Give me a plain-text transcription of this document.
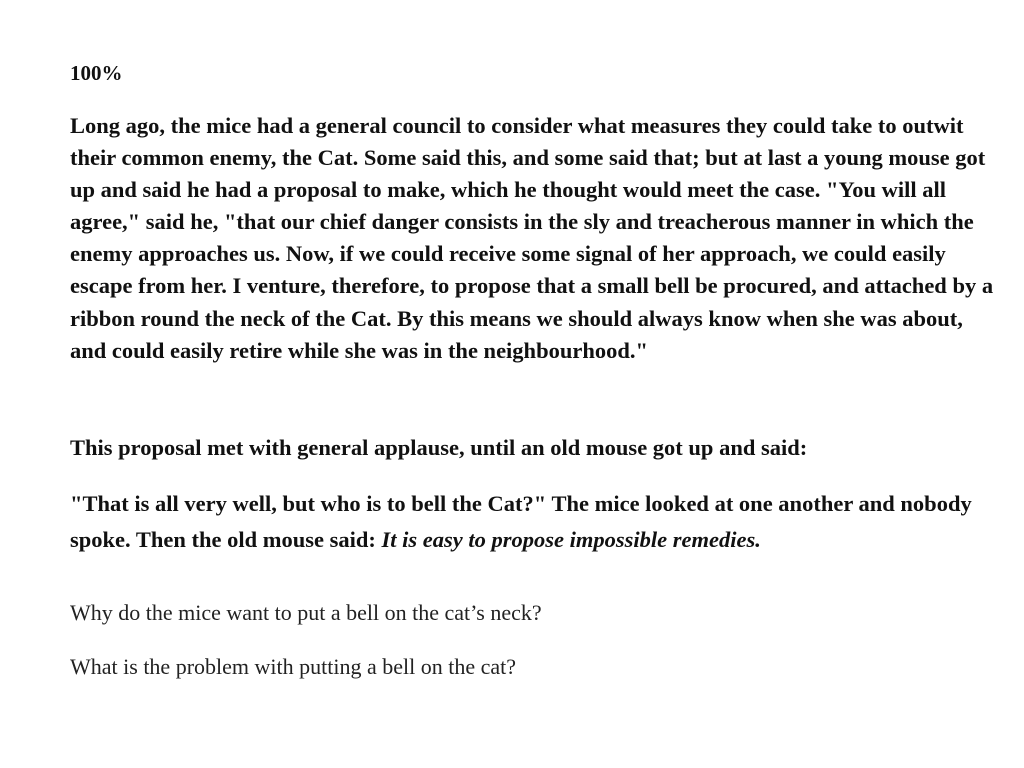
100%

Long ago, the mice had a general council to consider what measures they could take to outwit their common enemy, the Cat. Some said this, and some said that; but at last a young mouse got up and said he had a proposal to make, which he thought would meet the case. "You will all agree," said he, "that our chief danger consists in the sly and treacherous manner in which the enemy approaches us. Now, if we could receive some signal of her approach, we could easily escape from her. I venture, therefore, to propose that a small bell be procured, and attached by a ribbon round the neck of the Cat. By this means we should always know when she was about, and could easily retire while she was in the neighbourhood."

This proposal met with general applause, until an old mouse got up and said:

"That is all very well, but who is to bell the Cat?" The mice looked at one another and nobody spoke. Then the old mouse said: It is easy to propose impossible remedies.

Why do the mice want to put a bell on the cat’s neck?

What is the problem with putting a bell on the cat?
